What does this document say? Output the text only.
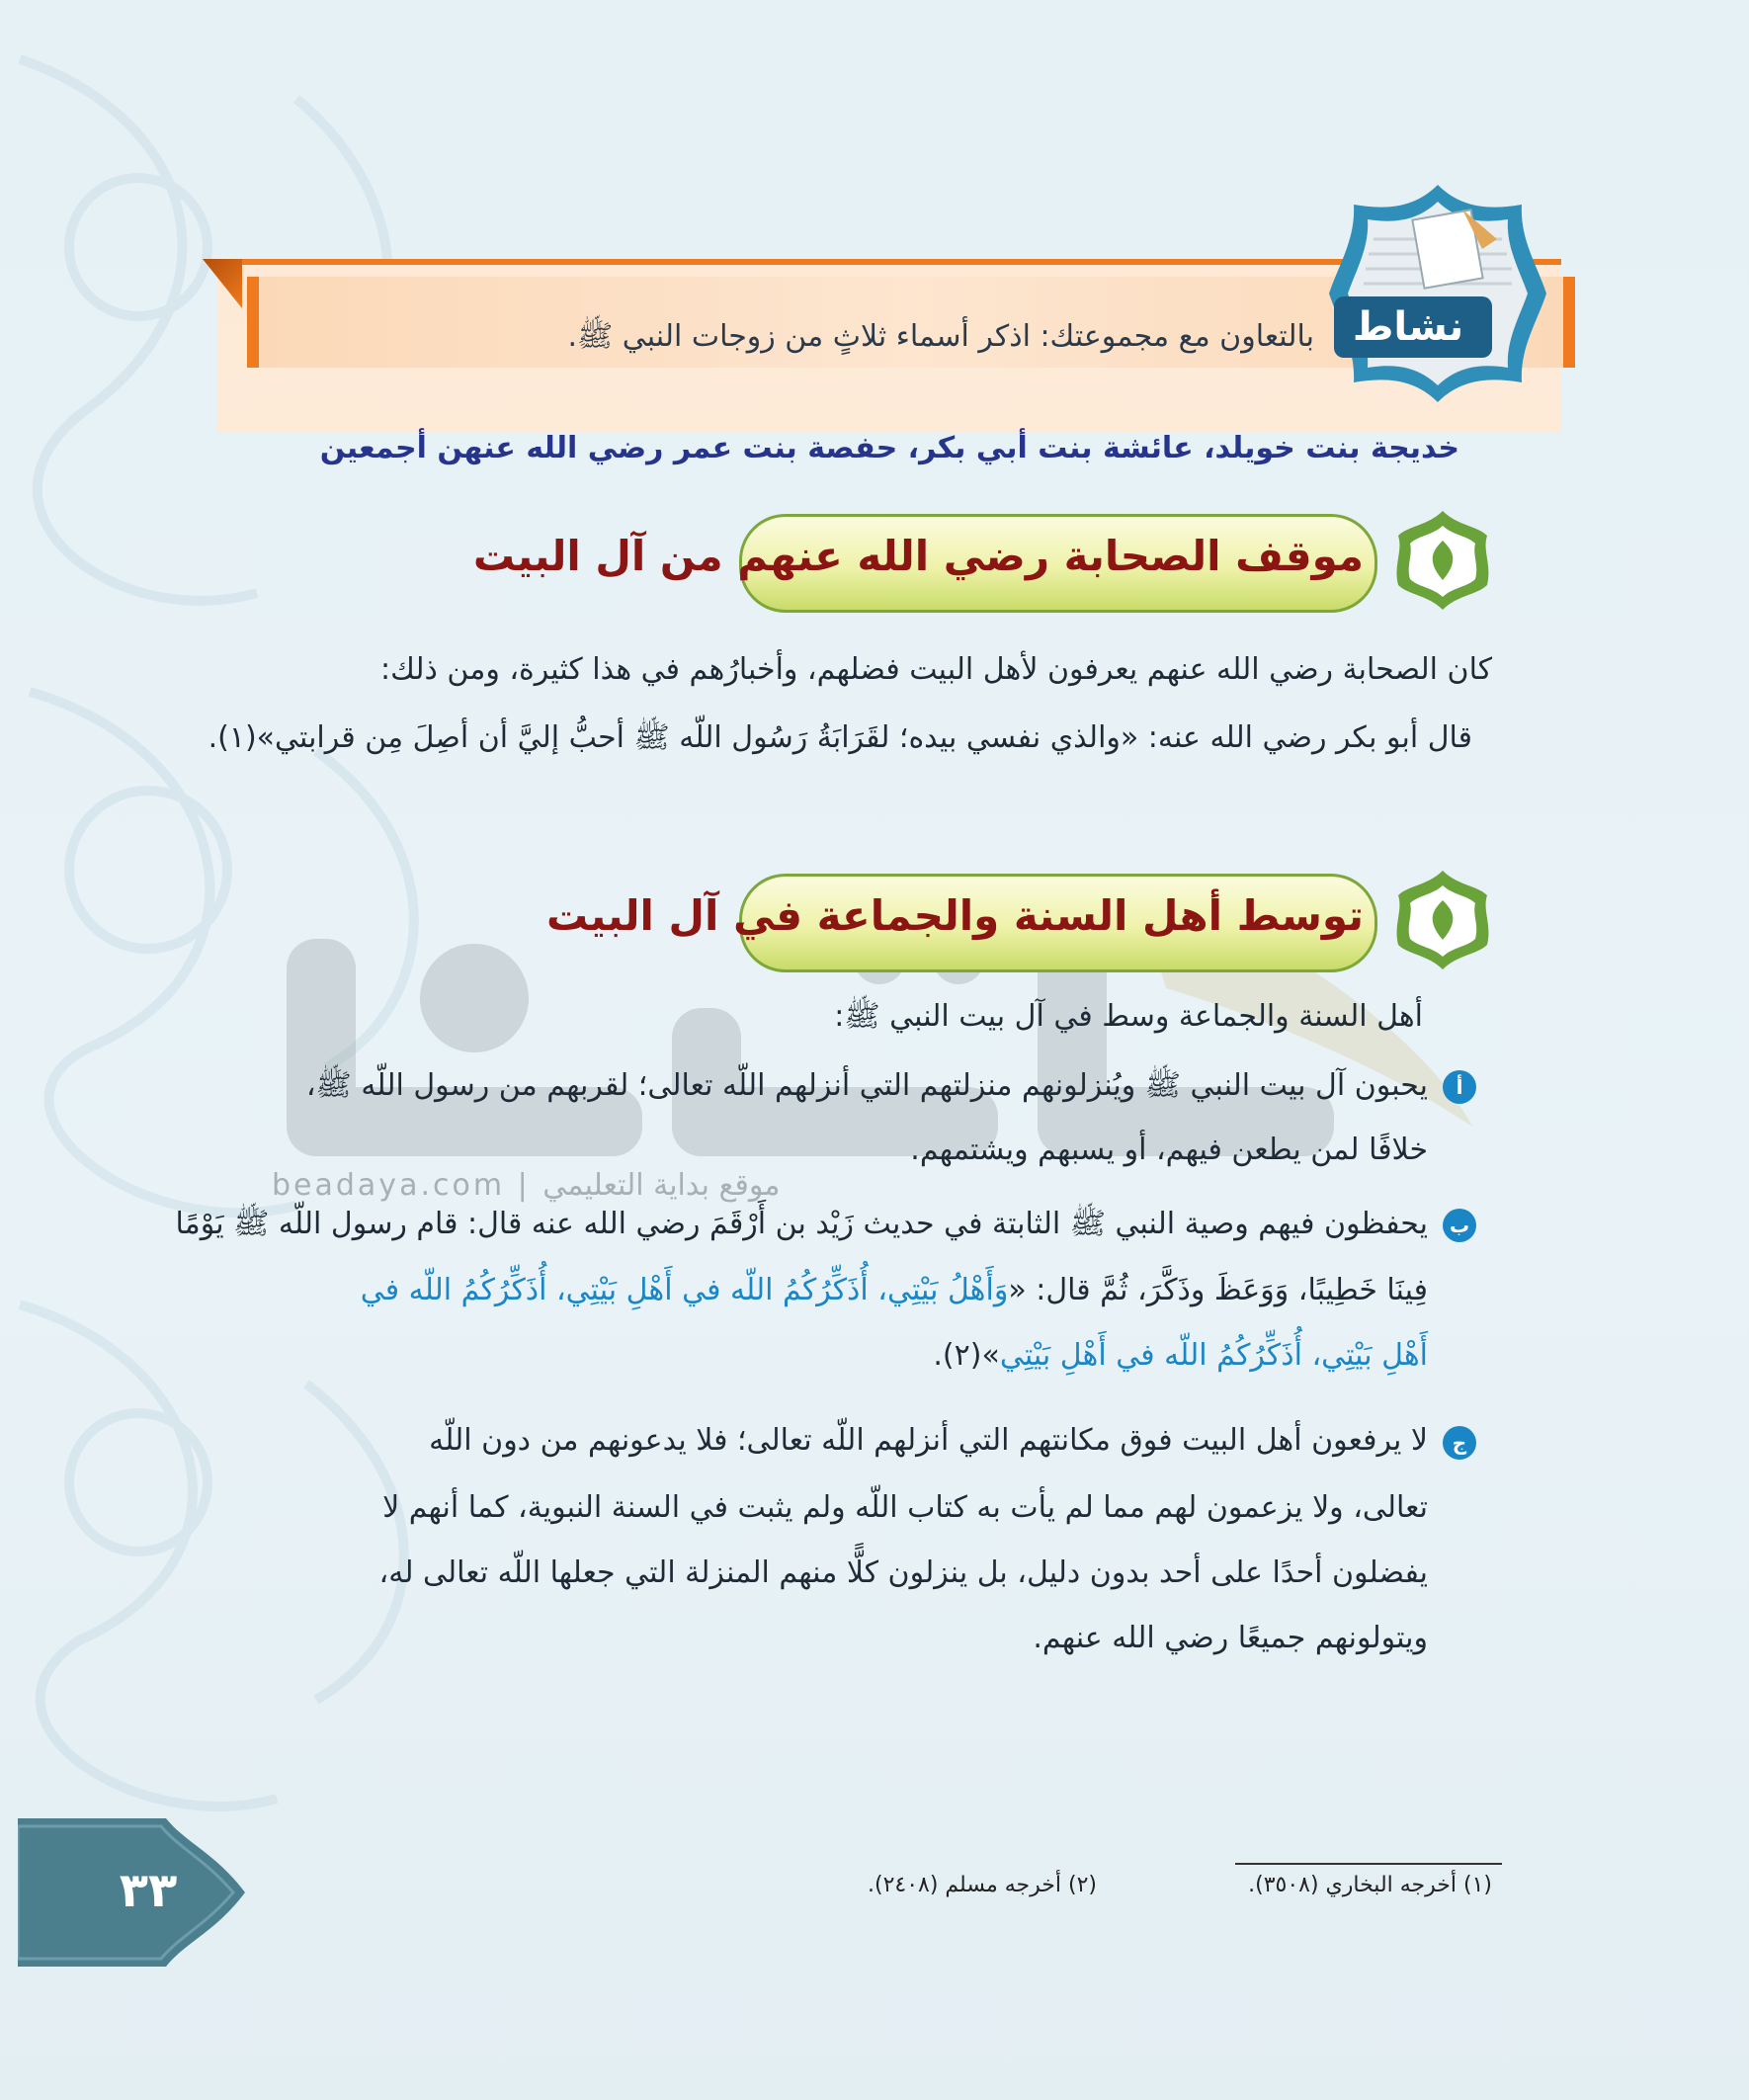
beadaya.com | موقع بداية التعليمي
بالتعاون مع مجموعتك: اذكر أسماء ثلاثٍ من زوجات النبي ﷺ. نشاط
خديجة بنت خويلد، عائشة بنت أبي بكر، حفصة بنت عمر رضي الله عنهن أجمعين
موقف الصحابة رضي الله عنهم من آل البيت
كان الصحابة رضي الله عنهم يعرفون لأهل البيت فضلهم، وأخبارُهم في هذا كثيرة، ومن ذلك:
قال أبو بكر رضي الله عنه: «والذي نفسي بيده؛ لقَرَابَةُ رَسُول اللّه ﷺ أحبُّ إليَّ أن أصِلَ مِن قرابتي»(١).
توسط أهل السنة والجماعة في آل البيت
أهل السنة والجماعة وسط في آل بيت النبي ﷺ:
أ
يحبون آل بيت النبي ﷺ ويُنزلونهم منزلتهم التي أنزلهم اللّه تعالى؛ لقربهم من رسول اللّه ﷺ،
خلافًا لمن يطعن فيهم، أو يسبهم ويشتمهم.
ب
يحفظون فيهم وصية النبي ﷺ الثابتة في حديث زَيْد بن أَرْقَمَ رضي الله عنه قال: قام رسول اللّه ﷺ يَوْمًا
فِينَا خَطِيبًا، وَوَعَظَ وذَكَّرَ، ثُمَّ قال: «وَأَهْلُ بَيْتِي، أُذَكِّرُكُمُ اللّه في أَهْلِ بَيْتِي، أُذَكِّرُكُمُ اللّه في
أَهْلِ بَيْتِي، أُذَكِّرُكُمُ اللّه في أَهْلِ بَيْتِي»(٢).
ج
لا يرفعون أهل البيت فوق مكانتهم التي أنزلهم اللّه تعالى؛ فلا يدعونهم من دون اللّه
تعالى، ولا يزعمون لهم مما لم يأت به كتاب اللّه ولم يثبت في السنة النبوية، كما أنهم لا
يفضلون أحدًا على أحد بدون دليل، بل ينزلون كلًّا منهم المنزلة التي جعلها اللّه تعالى له،
ويتولونهم جميعًا رضي الله عنهم.
(١) أخرجه البخاري (٣٥٠٨).
(٢) أخرجه مسلم (٢٤٠٨).
٣٣
